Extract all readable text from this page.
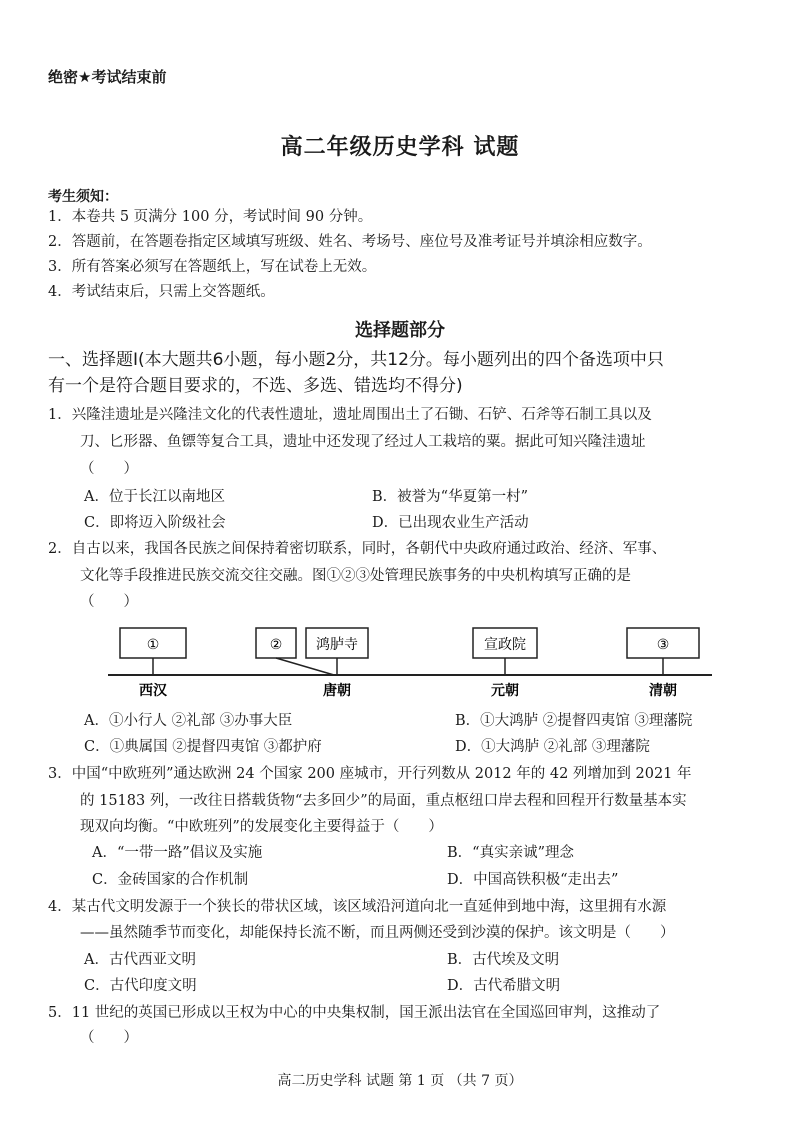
绝密★考试结束前
高二年级历史学科 试题
考生须知：
1．本卷共 5 页满分 100 分，考试时间 90 分钟。
2．答题前，在答题卷指定区域填写班级、姓名、考场号、座位号及准考证号并填涂相应数字。
3．所有答案必须写在答题纸上，写在试卷上无效。
4．考试结束后，只需上交答题纸。
选择题部分
一、选择题Ⅰ(本大题共6小题，每小题2分，共12分。每小题列出的四个备选项中只
有一个是符合题目要求的，不选、多选、错选均不得分)
1．兴隆洼遗址是兴隆洼文化的代表性遗址，遗址周围出土了石锄、石铲、石斧等石制工具以及
刀、匕形器、鱼镖等复合工具，遗址中还发现了经过人工栽培的粟。据此可知兴隆洼遗址
（　　）
A．位于长江以南地区	B．被誉为“华夏第一村”
C．即将迈入阶级社会	D．已出现农业生产活动
2．自古以来，我国各民族之间保持着密切联系，同时，各朝代中央政府通过政治、经济、军事、
文化等手段推进民族交流交往交融。图①②③处管理民族事务的中央机构填写正确的是
（　　）
①	② 鸿胪寺	宣政院	③
西汉	唐朝	元朝	清朝
A．①小行人 ②礼部 ③办事大臣	B．①大鸿胪 ②提督四夷馆 ③理藩院
C．①典属国 ②提督四夷馆 ③都护府	D．①大鸿胪 ②礼部 ③理藩院
3．中国“中欧班列”通达欧洲 24 个国家 200 座城市，开行列数从 2012 年的 42 列增加到 2021 年
的 15183 列，一改往日搭载货物“去多回少”的局面，重点枢纽口岸去程和回程开行数量基本实
现双向均衡。“中欧班列”的发展变化主要得益于（　　）
A．“一带一路”倡议及实施	B．“真实亲诚”理念
C．金砖国家的合作机制	D．中国高铁积极“走出去”
4．某古代文明发源于一个狭长的带状区域，该区域沿河道向北一直延伸到地中海，这里拥有水源
——虽然随季节而变化，却能保持长流不断，而且两侧还受到沙漠的保护。该文明是（　　）
A．古代西亚文明	B．古代埃及文明
C．古代印度文明	D．古代希腊文明
5．11 世纪的英国已形成以王权为中心的中央集权制，国王派出法官在全国巡回审判，这推动了
（　　）
高二历史学科 试题 第 1 页 （共 7 页）
